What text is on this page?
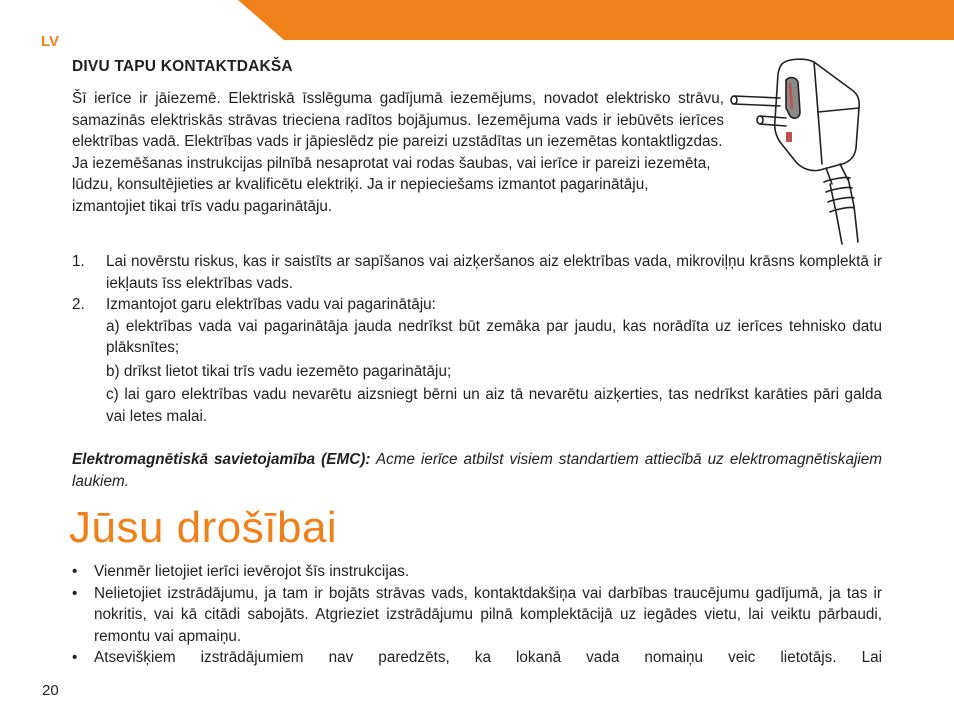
LV
DIVU TAPU KONTAKTDAKŠA

Šī ierīce ir jāiezemē. Elektriskā īsslēguma gadījumā iezemējums, novadot elektrisko strāvu, samazinās elektriskās strāvas trieciena radītos bojājumus. Iezemējuma vads ir iebūvēts ierīces elektrības vadā. Elektrības vads ir jāpieslēdz pie pareizi uzstādītas un iezemētas kontaktligzdas.

Ja iezemēšanas instrukcijas pilnībā nesaprotat vai rodas šaubas, vai ierīce ir pareizi iezemēta, lūdzu, konsultējieties ar kvalificētu elektriķi. Ja ir nepieciešams izmantot pagarinātāju, izmantojiet tikai trīs vadu pagarinātāju.

1.	Lai novērstu riskus, kas ir saistīts ar sapīšanos vai aizķeršanos aiz elektrības vada, mikroviļņu krāsns komplektā ir iekļauts īss elektrības vads.
2.	Izmantojot garu elektrības vadu vai pagarinātāju:
a) elektrības vada vai pagarinātāja jauda nedrīkst būt zemāka par jaudu, kas norādīta uz ierīces tehnisko datu plāksnītes;
b) drīkst lietot tikai trīs vadu iezemēto pagarinātāju;
c) lai garo elektrības vadu nevarētu aizsniegt bērni un aiz tā nevarētu aizķerties, tas nedrīkst karāties pāri galda vai letes malai.
Elektromagnētiskā savietojamība (EMC): Acme ierīce atbilst visiem standartiem attiecībā uz elektromagnētiskajiem laukiem.
Jūsu drošībai
•	Vienmēr lietojiet ierīci ievērojot šīs instrukcijas.
•	Nelietojiet izstrādājumu, ja tam ir bojāts strāvas vads, kontaktdakšiņa vai darbības traucējumu gadījumā, ja tas ir nokritis, vai kā citādi sabojāts. Atgrieziet izstrādājumu pilnā komplektācijā uz iegādes vietu, lai veiktu pārbaudi, remontu vai apmaiņu.
•	Atsevišķiem izstrādājumiem nav paredzēts, ka lokanā vada nomaiņu veic lietotājs. Lai
20
